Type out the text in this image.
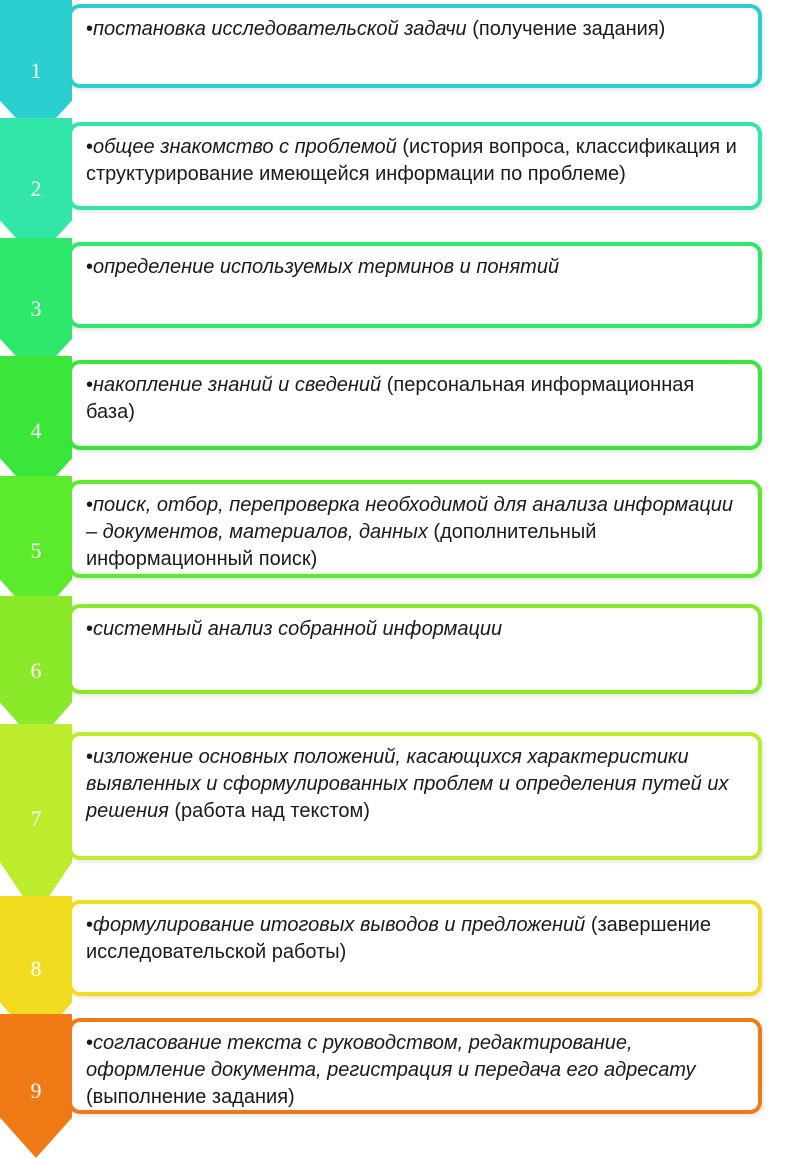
1
•постановка исследовательской задачи (получение задания)
2
•общее знакомство с проблемой (история вопроса, классификация и структурирование имеющейся информации по проблеме)
3
•определение используемых терминов и понятий
4
•накопление знаний и сведений (персональная информационная база)
5
•поиск, отбор, перепроверка необходимой для анализа информации – документов, материалов, данных (дополнительный информационный поиск)
6
•системный анализ собранной информации
7
•изложение основных положений, касающихся характеристики выявленных и сформулированных проблем и определения путей их решения (работа над текстом)
8
•формулирование итоговых выводов и предложений (завершение исследовательской работы)
9
•согласование текста с руководством, редактирование, оформление документа, регистрация и передача его адресату (выполнение задания)
